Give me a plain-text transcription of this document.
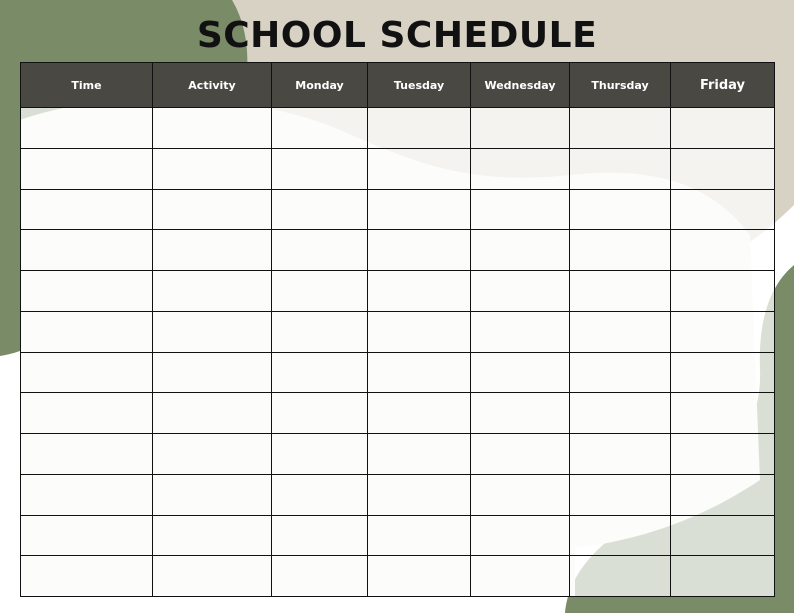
SCHOOL SCHEDULE
Time	Activity	Monday	Tuesday	Wednesday	Thursday	Friday
